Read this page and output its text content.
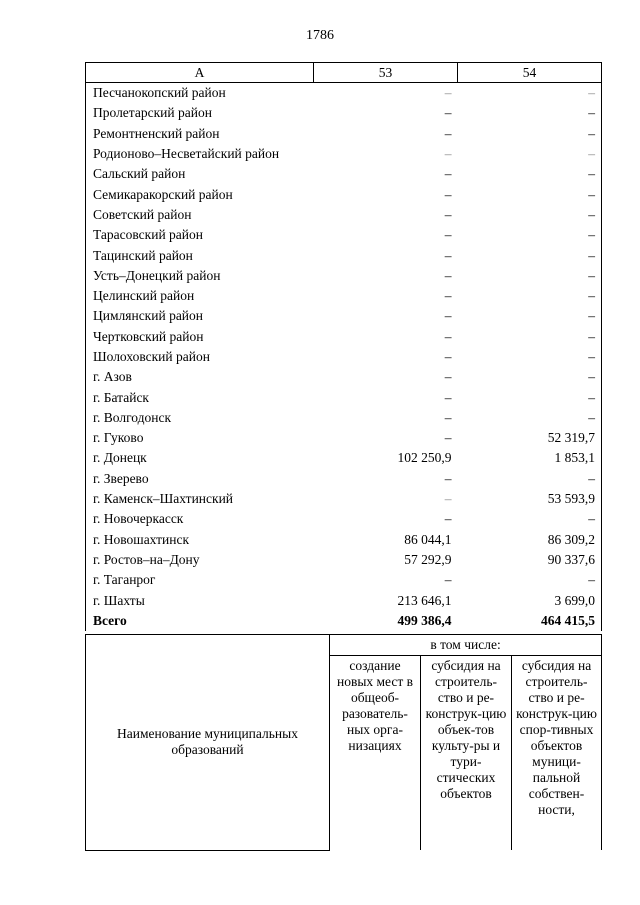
1786
А	53	54
Песчанокопский район	–	–
Пролетарский район	–	–
Ремонтненский район	–	–
Родионово–Несветайский район	–	–
Сальский район	–	–
Семикаракорский район	–	–
Советский район	–	–
Тарасовский район	–	–
Тацинский район	–	–
Усть–Донецкий район	–	–
Целинский район	–	–
Цимлянский район	–	–
Чертковский район	–	–
Шолоховский район	–	–
г. Азов	–	–
г. Батайск	–	–
г. Волгодонск	–	–
г. Гуково	–	52 319,7
г. Донецк	102 250,9	1 853,1
г. Зверево	–	–
г. Каменск–Шахтинский	–	53 593,9
г. Новочеркасск	–	–
г. Новошахтинск	86 044,1	86 309,2
г. Ростов–на–Дону	57 292,9	90 337,6
г. Таганрог	–	–
г. Шахты	213 646,1	3 699,0
Всего	499 386,4	464 415,5
Наименование муниципальных образований	в том числе:		
	создание новых мест в общеоб-разователь-ных орга-низациях	субсидия на строитель-ство и ре-конструк-цию объек-тов культу-ры и тури-стических объектов	субсидия на строитель-ство и ре-конструк-цию спор-тивных объектов муници-пальной собствен-ности,
